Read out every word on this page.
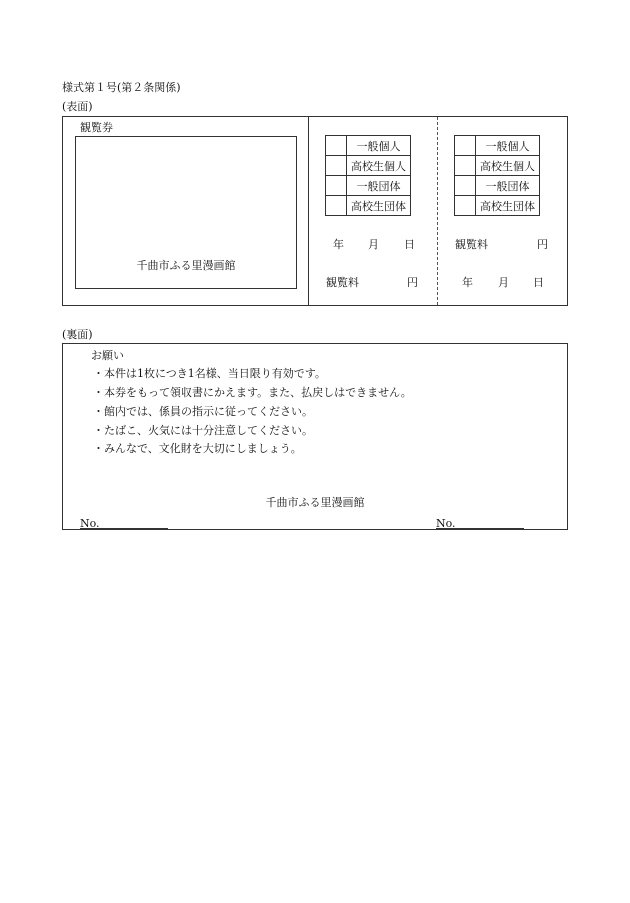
様式第１号(第２条関係)
(表面)
観覧券
千曲市ふる里漫画館
	一般個人
	高校生個人
	一般団体
	高校生団体
年 月 日
観覧料	円
	一般個人
	高校生個人
	一般団体
	高校生団体
観覧料	円
年 月 日
(裏面)
お願い
・本件は1枚につき1名様、当日限り有効です。
・本券をもって領収書にかえます。また、払戻しはできません。
・館内では、係員の指示に従ってください。
・たばこ、火気には十分注意してください。
・みんなで、文化財を大切にしましょう。
千曲市ふる里漫画館
No.	No.
